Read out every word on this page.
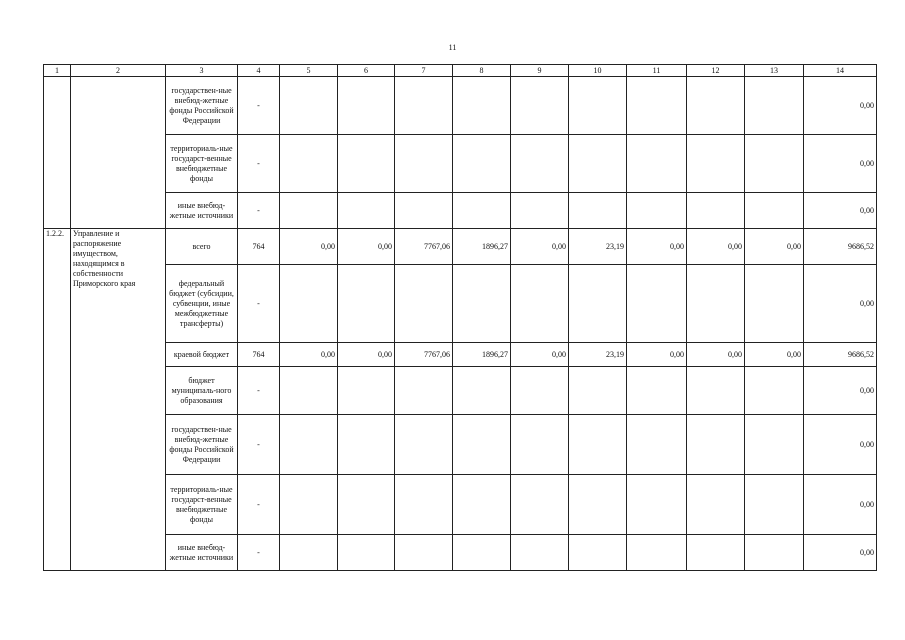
11
1	2	3	4	5	6	7	8	9	10	11	12	13	14
		государствен-ные внебюд-жетные фонды Российской Федерации	-										0,00
		территориаль-ные государст-венные внебюджетные фонды	-										0,00
		иные внебюд-жетные источники	-										0,00
1.2.2.	Управление и распоряжение имуществом, находящимся в собственности Приморского края	всего	764	0,00	0,00	7767,06	1896,27	0,00	23,19	0,00	0,00	0,00	9686,52
		федеральный бюджет (субсидии, субвенции, иные межбюджетные трансферты)	-										0,00
		краевой бюджет	764	0,00	0,00	7767,06	1896,27	0,00	23,19	0,00	0,00	0,00	9686,52
		бюджет муниципаль-ного образования	-										0,00
		государствен-ные внебюд-жетные фонды Российской Федерации	-										0,00
		территориаль-ные государст-венные внебюджетные фонды	-										0,00
		иные внебюд-жетные источники	-										0,00
